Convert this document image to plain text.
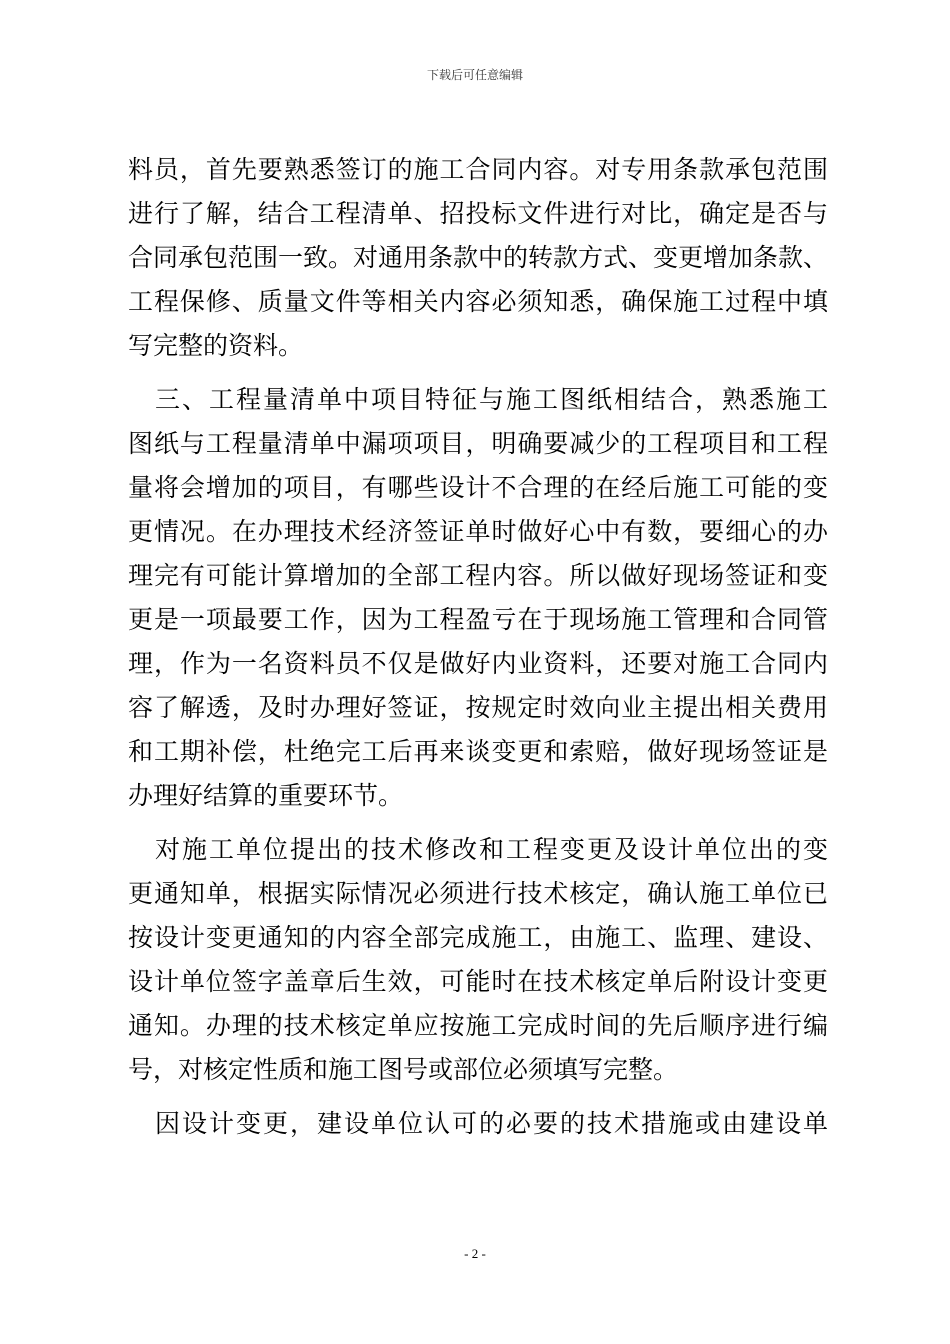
下载后可任意编辑
料员，首先要熟悉签订的施工合同内容。对专用条款承包范围
进行了解，结合工程清单、招投标文件进行对比，确定是否与
合同承包范围一致。对通用条款中的转款方式、变更增加条款、
工程保修、质量文件等相关内容必须知悉，确保施工过程中填
写完整的资料。
　三、工程量清单中项目特征与施工图纸相结合，熟悉施工
图纸与工程量清单中漏项项目，明确要减少的工程项目和工程
量将会增加的项目，有哪些设计不合理的在经后施工可能的变
更情况。在办理技术经济签证单时做好心中有数，要细心的办
理完有可能计算增加的全部工程内容。所以做好现场签证和变
更是一项最要工作，因为工程盈亏在于现场施工管理和合同管
理，作为一名资料员不仅是做好内业资料，还要对施工合同内
容了解透，及时办理好签证，按规定时效向业主提出相关费用
和工期补偿，杜绝完工后再来谈变更和索赔，做好现场签证是
办理好结算的重要环节。
　对施工单位提出的技术修改和工程变更及设计单位出的变
更通知单，根据实际情况必须进行技术核定，确认施工单位已
按设计变更通知的内容全部完成施工，由施工、监理、建设、
设计单位签字盖章后生效，可能时在技术核定单后附设计变更
通知。办理的技术核定单应按施工完成时间的先后顺序进行编
号，对核定性质和施工图号或部位必须填写完整。
　因设计变更，建设单位认可的必要的技术措施或由建设单
- 2 -
